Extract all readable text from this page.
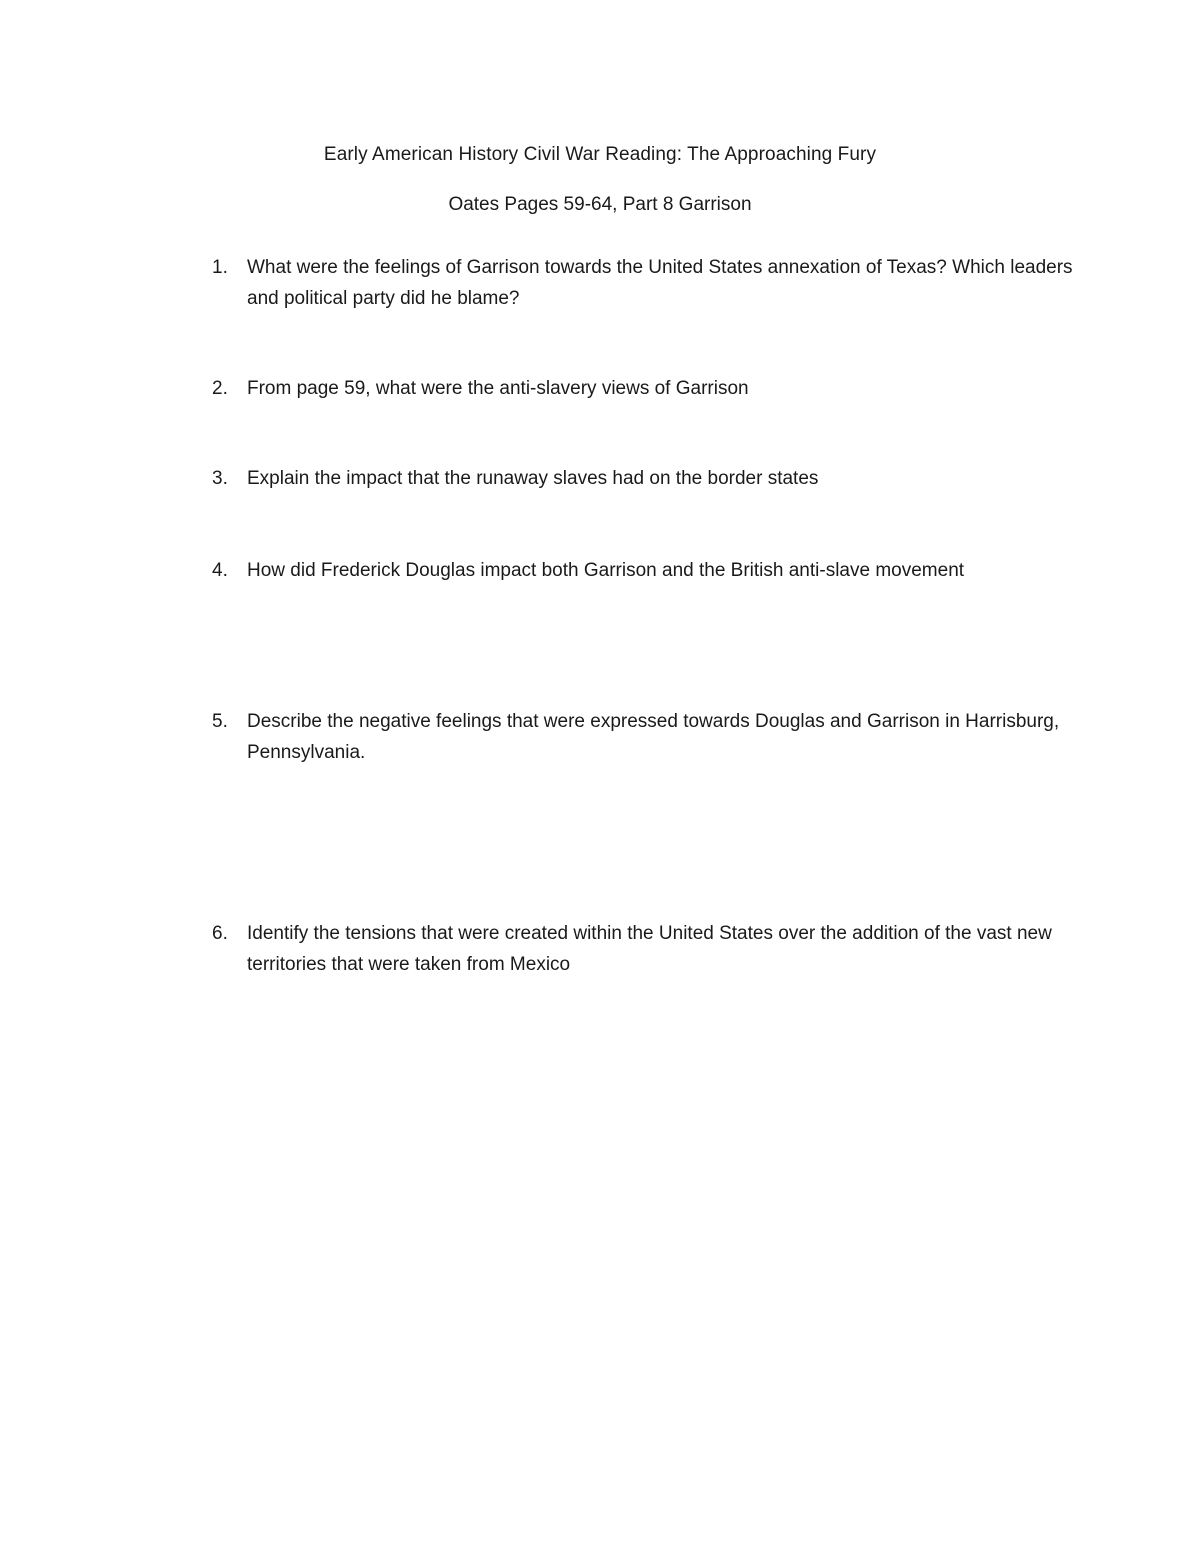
Early American History Civil War Reading: The Approaching Fury
Oates Pages 59-64, Part 8 Garrison
1.	What were the feelings of Garrison towards the United States annexation of Texas? Which leaders and political party did he blame?
2.	From page 59, what were the anti-slavery views of Garrison
3.	Explain the impact that the runaway slaves had on the border states
4.	How did Frederick Douglas impact both Garrison and the British anti-slave movement
5.	Describe the negative feelings that were expressed towards Douglas and Garrison in Harrisburg, Pennsylvania.
6.	Identify the tensions that were created within the United States over the addition of the vast new territories that were taken from Mexico
